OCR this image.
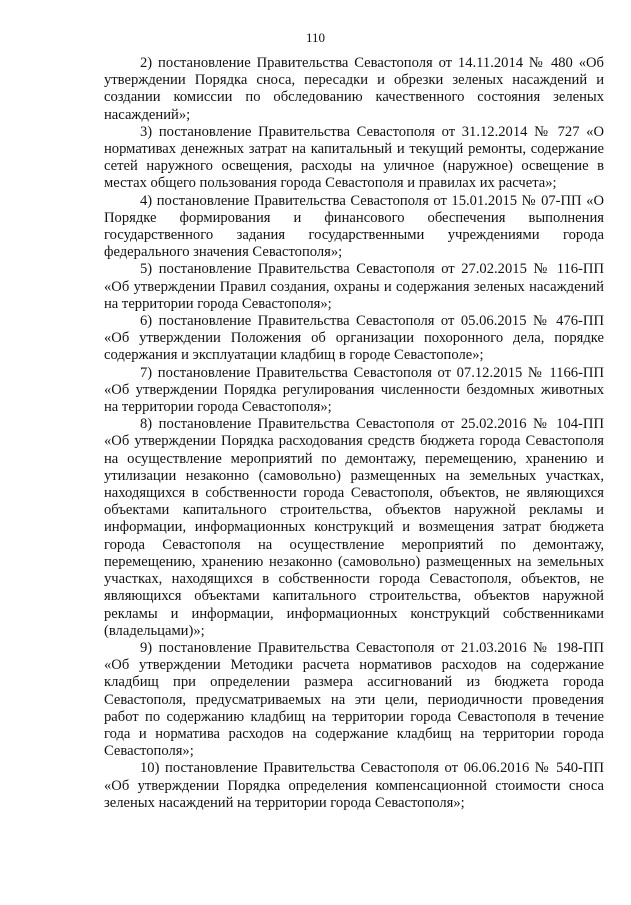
110

2) постановление Правительства Севастополя от 14.11.2014 № 480 «Об утверждении Порядка сноса, пересадки и обрезки зеленых насаждений и создании комиссии по обследованию качественного состояния зеленых насаждений»;

3) постановление Правительства Севастополя от 31.12.2014 № 727 «О нормативах денежных затрат на капитальный и текущий ремонты, содержание сетей наружного освещения, расходы на уличное (наружное) освещение в местах общего пользования города Севастополя и правилах их расчета»;

4) постановление Правительства Севастополя от 15.01.2015 № 07-ПП «О Порядке формирования и финансового обеспечения выполнения государственного задания государственными учреждениями города федерального значения Севастополя»;

5) постановление Правительства Севастополя от 27.02.2015 № 116-ПП «Об утверждении Правил создания, охраны и содержания зеленых насаждений на территории города Севастополя»;

6) постановление Правительства Севастополя от 05.06.2015 № 476-ПП «Об утверждении Положения об организации похоронного дела, порядке содержания и эксплуатации кладбищ в городе Севастополе»;

7) постановление Правительства Севастополя от 07.12.2015 № 1166-ПП «Об утверждении Порядка регулирования численности бездомных животных на территории города Севастополя»;

8) постановление Правительства Севастополя от 25.02.2016 № 104-ПП «Об утверждении Порядка расходования средств бюджета города Севастополя на осуществление мероприятий по демонтажу, перемещению, хранению и утилизации незаконно (самовольно) размещенных на земельных участках, находящихся в собственности города Севастополя, объектов, не являющихся объектами капитального строительства, объектов наружной рекламы и информации, информационных конструкций и возмещения затрат бюджета города Севастополя на осуществление мероприятий по демонтажу, перемещению, хранению незаконно (самовольно) размещенных на земельных участках, находящихся в собственности города Севастополя, объектов, не являющихся объектами капитального строительства, объектов наружной рекламы и информации, информационных конструкций собственниками (владельцами)»;

9) постановление Правительства Севастополя от 21.03.2016 № 198-ПП «Об утверждении Методики расчета нормативов расходов на содержание кладбищ при определении размера ассигнований из бюджета города Севастополя, предусматриваемых на эти цели, периодичности проведения работ по содержанию кладбищ на территории города Севастополя в течение года и норматива расходов на содержание кладбищ на территории города Севастополя»;

10) постановление Правительства Севастополя от 06.06.2016 № 540-ПП «Об утверждении Порядка определения компенсационной стоимости сноса зеленых насаждений на территории города Севастополя»;
